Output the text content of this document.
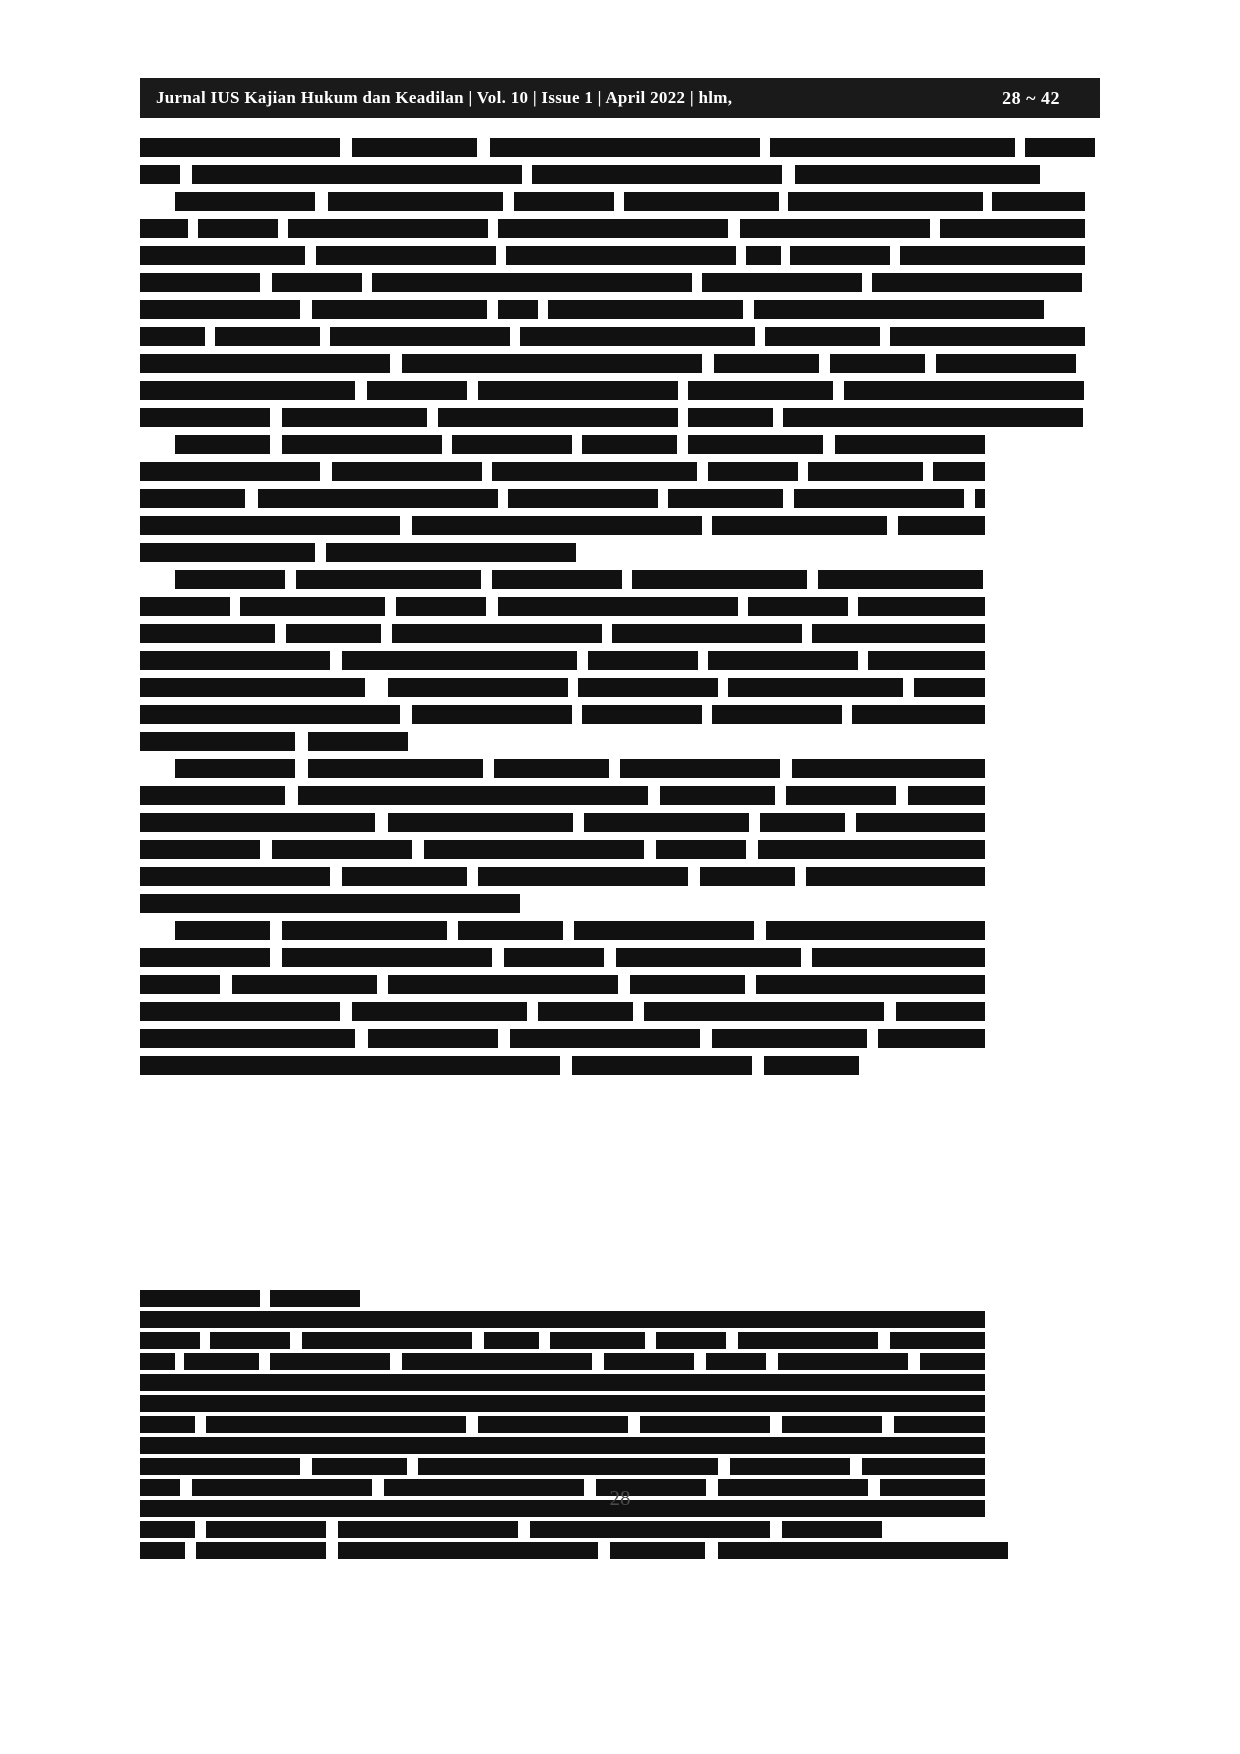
Jurnal IUS Kajian Hukum dan Keadilan | Vol. 10 | Issue 1 | April 2022 | hlm,	28 ~ 42
28
